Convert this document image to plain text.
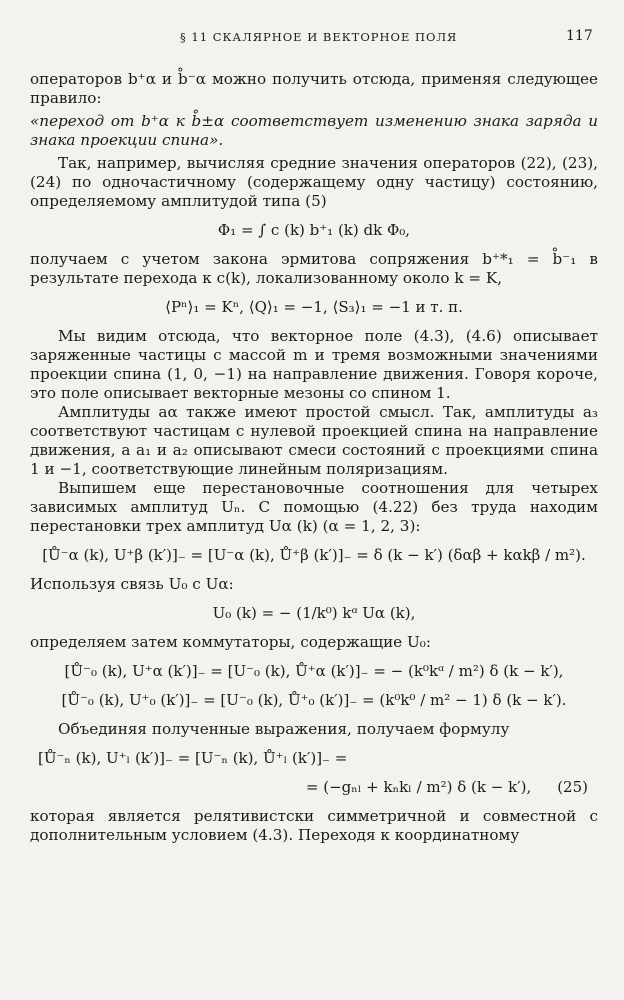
§ 11 СКАЛЯРНОЕ И ВЕКТОРНОЕ ПОЛЯ	117

операторов b⁺α и b̊⁻α можно получить отсюда, применяя следующее правило:

«переход от b⁺α к b̊±α соответствует изменению знака заряда и знака проекции спина».

Так, например, вычисляя средние значения операторов (22), (23), (24) по одночастичному (содержащему одну частицу) состоянию, определяемому амплитудой типа (5)

Φ₁ = ∫ c (k) b⁺₁ (k) dk Φ₀,

получаем с учетом закона эрмитова сопряжения b⁺*₁ = b̊⁻₁ в результате перехода к c(k), локализованному около k = K,

⟨Pⁿ⟩₁ = Kⁿ, ⟨Q⟩₁ = −1, ⟨S₃⟩₁ = −1 и т. п.

Мы видим отсюда, что векторное поле (4.3), (4.6) описывает заряженные частицы с массой m и тремя возможными значениями проекции спина (1, 0, −1) на направление движения. Говоря короче, это поле описывает векторные мезоны со спином 1.

Амплитуды aα также имеют простой смысл. Так, амплитуды a₃ соответствуют частицам с нулевой проекцией спина на направление движения, а a₁ и a₂ описывают смеси состояний с проекциями спина 1 и −1, соответствующие линейным поляризациям.

Выпишем еще перестановочные соотношения для четырех зависимых амплитуд Uₙ. С помощью (4.22) без труда находим перестановки трех амплитуд Uα (k) (α = 1, 2, 3):

[Ů⁻α (k), U⁺β (k′)]₋ = [U⁻α (k), Ů⁺β (k′)]₋ = δ (k − k′) (δαβ + kαkβ / m²).

Используя связь U₀ с Uα:

U₀ (k) = − (1/k⁰) kᵅ Uα (k),

определяем затем коммутаторы, содержащие U₀:

[Ů⁻₀ (k), U⁺α (k′)]₋ = [U⁻₀ (k), Ů⁺α (k′)]₋ = − (k⁰kᵅ / m²) δ (k − k′),
[Ů⁻₀ (k), U⁺₀ (k′)]₋ = [U⁻₀ (k), Ů⁺₀ (k′)]₋ = (k⁰k⁰ / m² − 1) δ (k − k′).

Объединяя полученные выражения, получаем формулу

[Ů⁻ₙ (k), U⁺ₗ (k′)]₋ = [U⁻ₙ (k), Ů⁺ₗ (k′)]₋ =
= (−gₙₗ + kₙkₗ / m²) δ (k − k′), (25)

которая является релятивистски симметричной и совместной с дополнительным условием (4.3). Переходя к координатному
